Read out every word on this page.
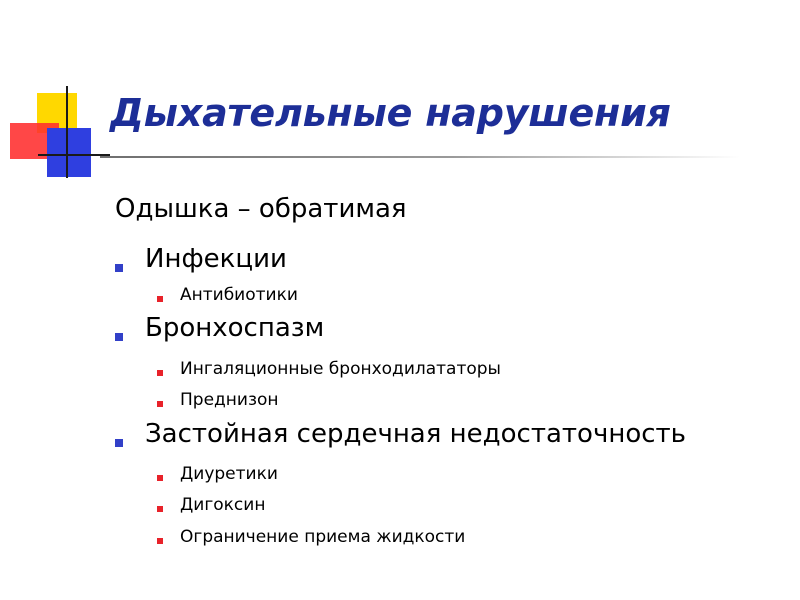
Дыхательные нарушения
Одышка – обратимая
Инфекции
Антибиотики
Бронхоспазм
Ингаляционные бронходилататоры
Преднизон
Застойная сердечная недостаточность
Диуретики
Дигоксин
Ограничение приема жидкости
